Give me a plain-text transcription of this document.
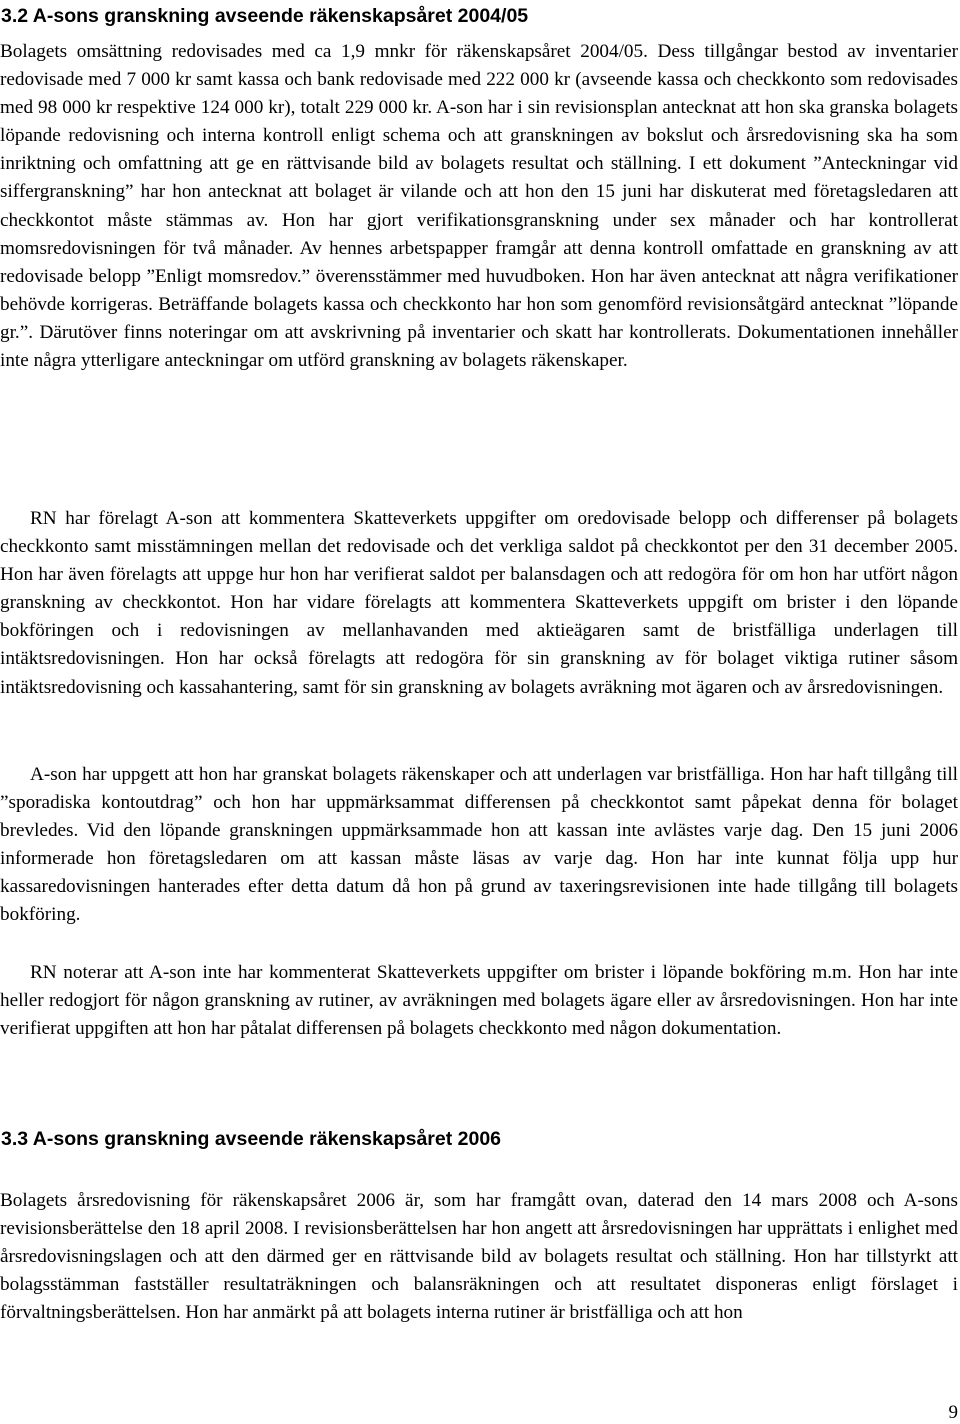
3.2 A-sons granskning avseende räkenskapsåret 2004/05

Bolagets omsättning redovisades med ca 1,9 mnkr för räkenskapsåret 2004/05. Dess tillgångar bestod av inventarier redovisade med 7 000 kr samt kassa och bank redovisade med 222 000 kr (avseende kassa och checkkonto som redovisades med 98 000 kr respektive 124 000 kr), totalt 229 000 kr. A-son har i sin revisionsplan antecknat att hon ska granska bolagets löpande redovisning och interna kontroll enligt schema och att granskningen av bokslut och årsredovisning ska ha som inriktning och omfattning att ge en rättvisande bild av bolagets resultat och ställning. I ett dokument ”Anteckningar vid siffergranskning” har hon antecknat att bolaget är vilande och att hon den 15 juni har diskuterat med företagsledaren att checkkontot måste stämmas av. Hon har gjort verifikationsgranskning under sex månader och har kontrollerat momsredovisningen för två månader. Av hennes arbetspapper framgår att denna kontroll omfattade en granskning av att redovisade belopp ”Enligt momsredov.” överensstämmer med huvudboken. Hon har även antecknat att några verifikationer behövde korrigeras. Beträffande bolagets kassa och checkkonto har hon som genomförd revisionsåtgärd antecknat ”löpande gr.”. Därutöver finns noteringar om att avskrivning på inventarier och skatt har kontrollerats. Dokumentationen innehåller inte några ytterligare anteckningar om utförd granskning av bolagets räkenskaper.

RN har förelagt A-son att kommentera Skatteverkets uppgifter om oredovisade belopp och differenser på bolagets checkkonto samt misstämningen mellan det redovisade och det verkliga saldot på checkkontot per den 31 december 2005. Hon har även förelagts att uppge hur hon har verifierat saldot per balansdagen och att redogöra för om hon har utfört någon granskning av checkkontot. Hon har vidare förelagts att kommentera Skatteverkets uppgift om brister i den löpande bokföringen och i redovisningen av mellanhavanden med aktieägaren samt de bristfälliga underlagen till intäktsredovisningen. Hon har också förelagts att redogöra för sin granskning av för bolaget viktiga rutiner såsom intäktsredovisning och kassahantering, samt för sin granskning av bolagets avräkning mot ägaren och av årsredovisningen.

A-son har uppgett att hon har granskat bolagets räkenskaper och att underlagen var bristfälliga. Hon har haft tillgång till ”sporadiska kontoutdrag” och hon har uppmärksammat differensen på checkkontot samt påpekat denna för bolaget brevledes. Vid den löpande granskningen uppmärksammade hon att kassan inte avlästes varje dag. Den 15 juni 2006 informerade hon företagsledaren om att kassan måste läsas av varje dag. Hon har inte kunnat följa upp hur kassaredovisningen hanterades efter detta datum då hon på grund av taxeringsrevisionen inte hade tillgång till bolagets bokföring.

RN noterar att A-son inte har kommenterat Skatteverkets uppgifter om brister i löpande bokföring m.m. Hon har inte heller redogjort för någon granskning av rutiner, av avräkningen med bolagets ägare eller av årsredovisningen. Hon har inte verifierat uppgiften att hon har påtalat differensen på bolagets checkkonto med någon dokumentation.

3.3 A-sons granskning avseende räkenskapsåret 2006

Bolagets årsredovisning för räkenskapsåret 2006 är, som har framgått ovan, daterad den 14 mars 2008 och A-sons revisionsberättelse den 18 april 2008. I revisionsberättelsen har hon angett att årsredovisningen har upprättats i enlighet med årsredovisningslagen och att den därmed ger en rättvisande bild av bolagets resultat och ställning. Hon har tillstyrkt att bolagsstämman fastställer resultaträkningen och balansräkningen och att resultatet disponeras enligt förslaget i förvaltningsberättelsen. Hon har anmärkt på att bolagets interna rutiner är bristfälliga och att hon

9
